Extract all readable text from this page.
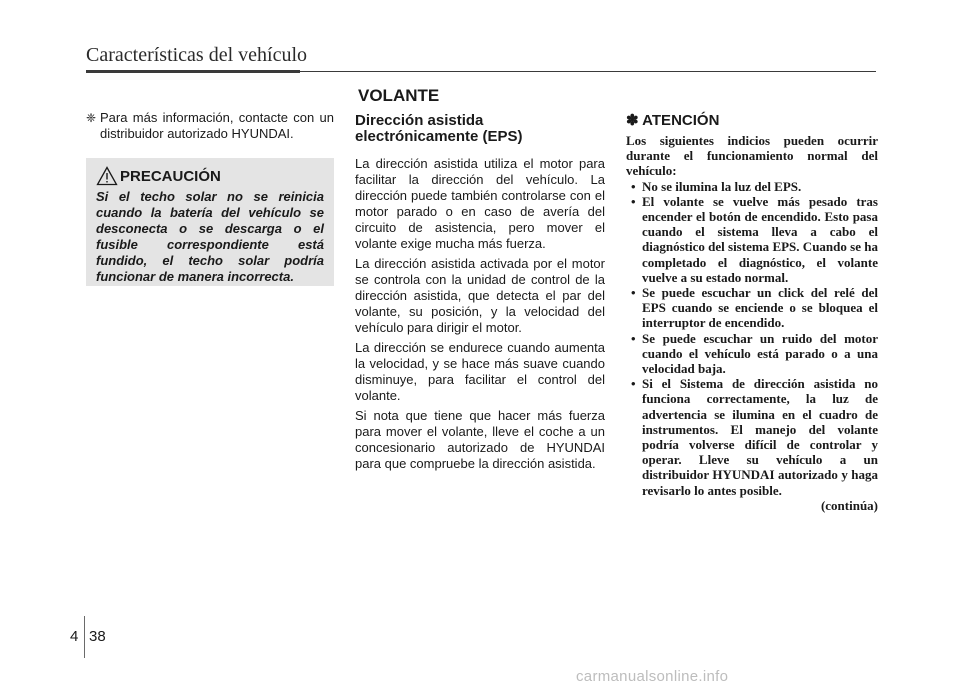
Características del vehículo
VOLANTE

❈ Para más información, contacte con un distribuidor autorizado HYUNDAI.

PRECAUCIÓN

Si el techo solar no se reinicia cuando la batería del vehículo se desconecta o se descarga o el fusible correspondiente está fundido, el techo solar podría funcionar de manera incorrecta.

Dirección asistida electrónicamente (EPS)

La dirección asistida utiliza el motor para facilitar la dirección del vehículo. La dirección puede también controlarse con el motor parado o en caso de avería del circuito de asistencia, pero mover el volante exige mucha más fuerza.

La dirección asistida activada por el motor se controla con la unidad de control de la dirección asistida, que detecta el par del volante, su posición, y la velocidad del vehículo para dirigir el motor.

La dirección se endurece cuando aumenta la velocidad, y se hace más suave cuando disminuye, para facilitar el control del volante.

Si nota que tiene que hacer más fuerza para mover el volante, lleve el coche a un concesionario autorizado de HYUNDAI para que compruebe la dirección asistida.

✽ ATENCIÓN

Los siguientes indicios pueden ocurrir durante el funcionamiento normal del vehículo:

• No se ilumina la luz del EPS.
• El volante se vuelve más pesado tras encender el botón de encendido. Esto pasa cuando el sistema lleva a cabo el diagnóstico del sistema EPS. Cuando se ha completado el diagnóstico, el volante vuelve a su estado normal.
• Se puede escuchar un click del relé del EPS cuando se enciende o se bloquea el interruptor de encendido.
• Se puede escuchar un ruido del motor cuando el vehículo está parado o a una velocidad baja.
• Si el Sistema de dirección asistida no funciona correctamente, la luz de advertencia se ilumina en el cuadro de instrumentos. El manejo del volante podría volverse difícil de controlar y operar. Lleve su vehículo a un distribuidor HYUNDAI autorizado y haga revisarlo lo antes posible.

(continúa)

4 38
carmanualsonline.info
